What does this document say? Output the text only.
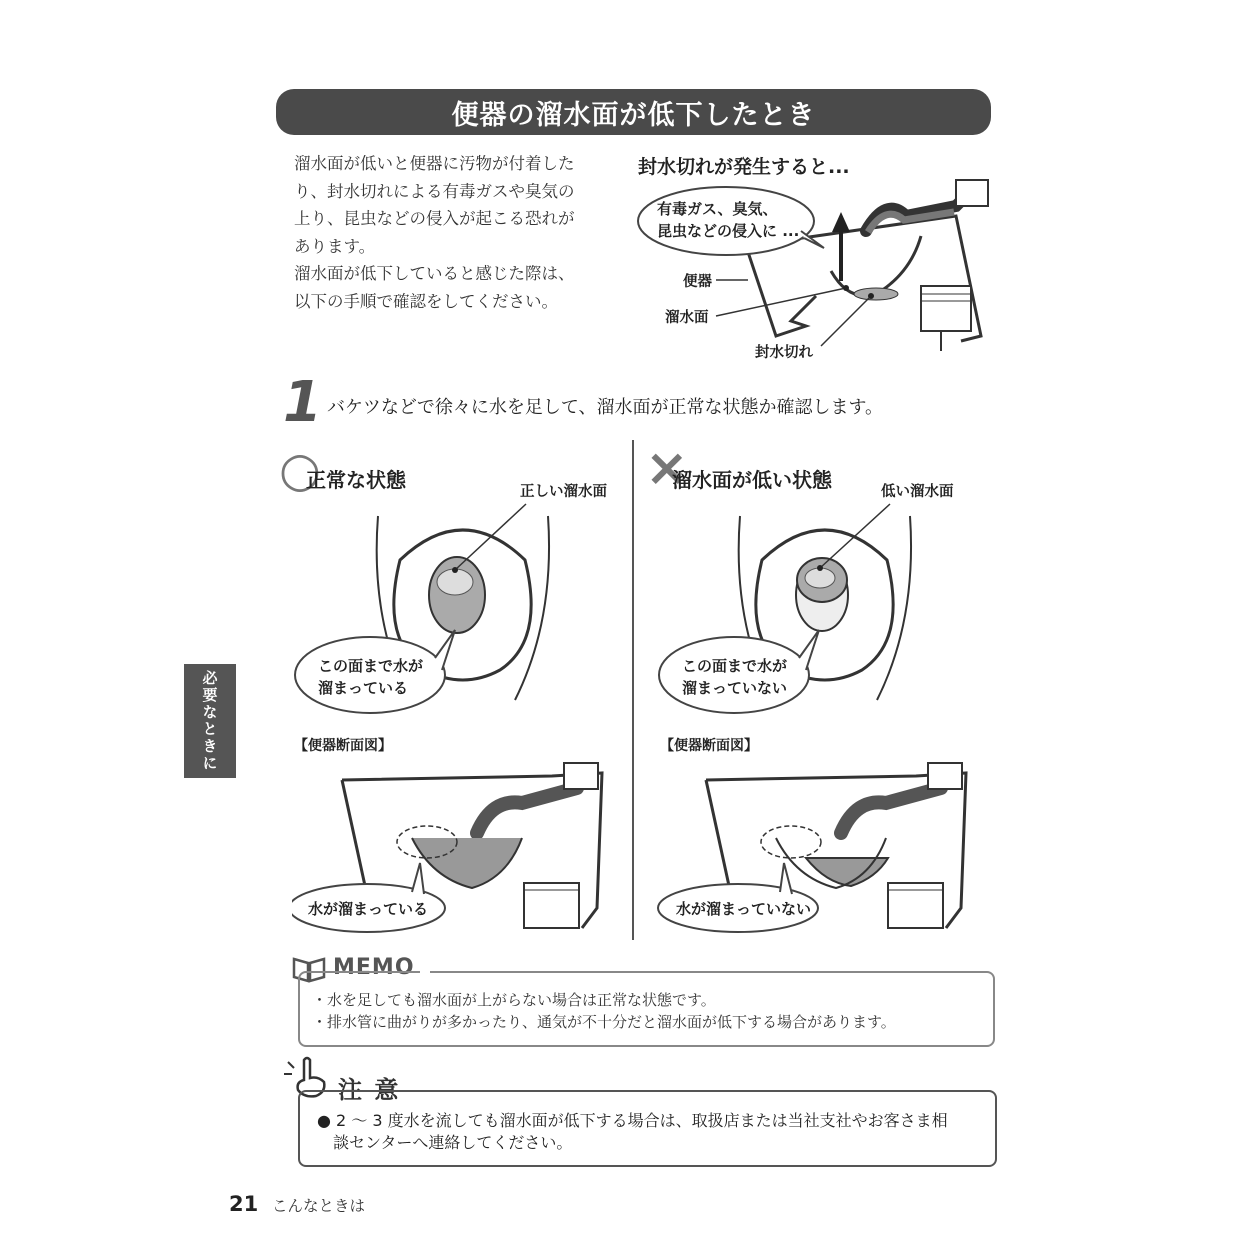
便器の溜水面が低下したとき

溜水面が低いと便器に汚物が付着した

り、封水切れによる有毒ガスや臭気の

上り、昆虫などの侵入が起こる恐れが

あります。

溜水面が低下していると感じた際は、

以下の手順で確認をしてください。

封水切れが発生すると...
有毒ガス、臭気、
昆虫などの侵入に ...
便器
溜水面
封水切れ
1 バケツなどで徐々に水を足して、溜水面が正常な状態か確認します。
○
正常な状態	正しい溜水面
この面まで水が
溜まっている
【便器断面図】
水が溜まっている
×
溜水面が低い状態	低い溜水面
この面まで水が
溜まっていない
【便器断面図】
水が溜まっていない
必要なときに
MEMO
・水を足しても溜水面が上がらない場合は正常な状態です。
・排水管に曲がりが多かったり、通気が不十分だと溜水面が低下する場合があります。
注 意
● 2 〜 3 度水を流しても溜水面が低下する場合は、取扱店または当社支社やお客さま相
談センターへ連絡してください。
21 こんなときは
